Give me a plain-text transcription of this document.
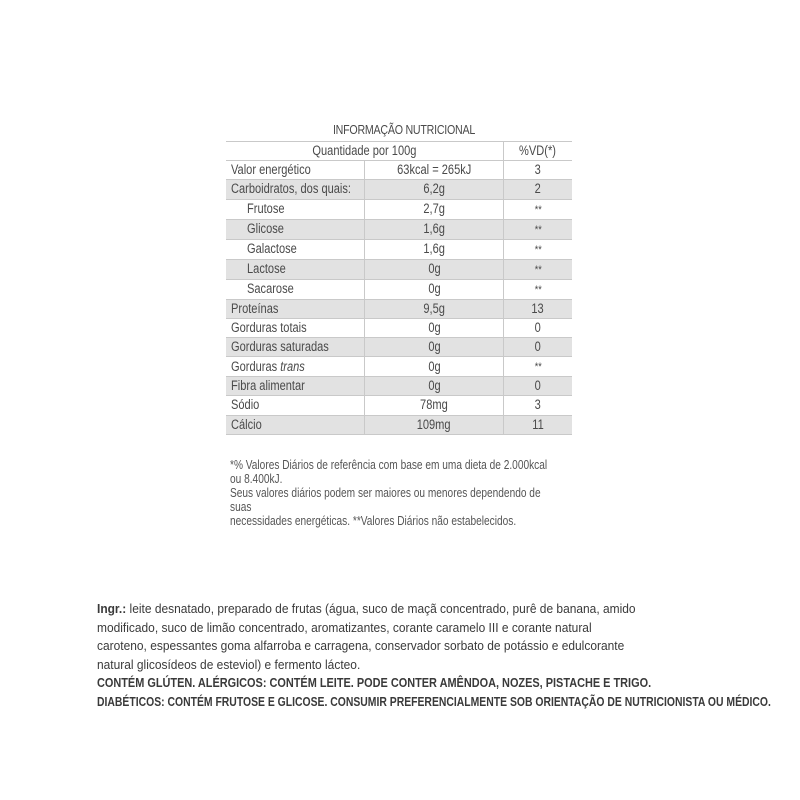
INFORMAÇÃO NUTRICIONAL
Quantidade por 100g		%VD(*)
Valor energético	63kcal = 265kJ	3
Carboidratos, dos quais:	6,2g	2
Frutose	2,7g	**
Glicose	1,6g	**
Galactose	1,6g	**
Lactose	0g	**
Sacarose	0g	**
Proteínas	9,5g	13
Gorduras totais	0g	0
Gorduras saturadas	0g	0
Gorduras trans	0g	**
Fibra alimentar	0g	0
Sódio	78mg	3
Cálcio	109mg	11
*% Valores Diários de referência com base em uma dieta de 2.000kcal ou 8.400kJ.
Seus valores diários podem ser maiores ou menores dependendo de suas
necessidades energéticas. **Valores Diários não estabelecidos.
Ingr.: leite desnatado, preparado de frutas (água, suco de maçã concentrado, purê de banana, amido
modificado, suco de limão concentrado, aromatizantes, corante caramelo III e corante natural
caroteno, espessantes goma alfarroba e carragena, conservador sorbato de potássio e edulcorante
natural glicosídeos de esteviol) e fermento lácteo.
CONTÉM GLÚTEN. ALÉRGICOS: CONTÉM LEITE. PODE CONTER AMÊNDOA, NOZES, PISTACHE E TRIGO.
DIABÉTICOS: CONTÉM FRUTOSE E GLICOSE. CONSUMIR PREFERENCIALMENTE SOB ORIENTAÇÃO DE NUTRICIONISTA OU MÉDICO.
